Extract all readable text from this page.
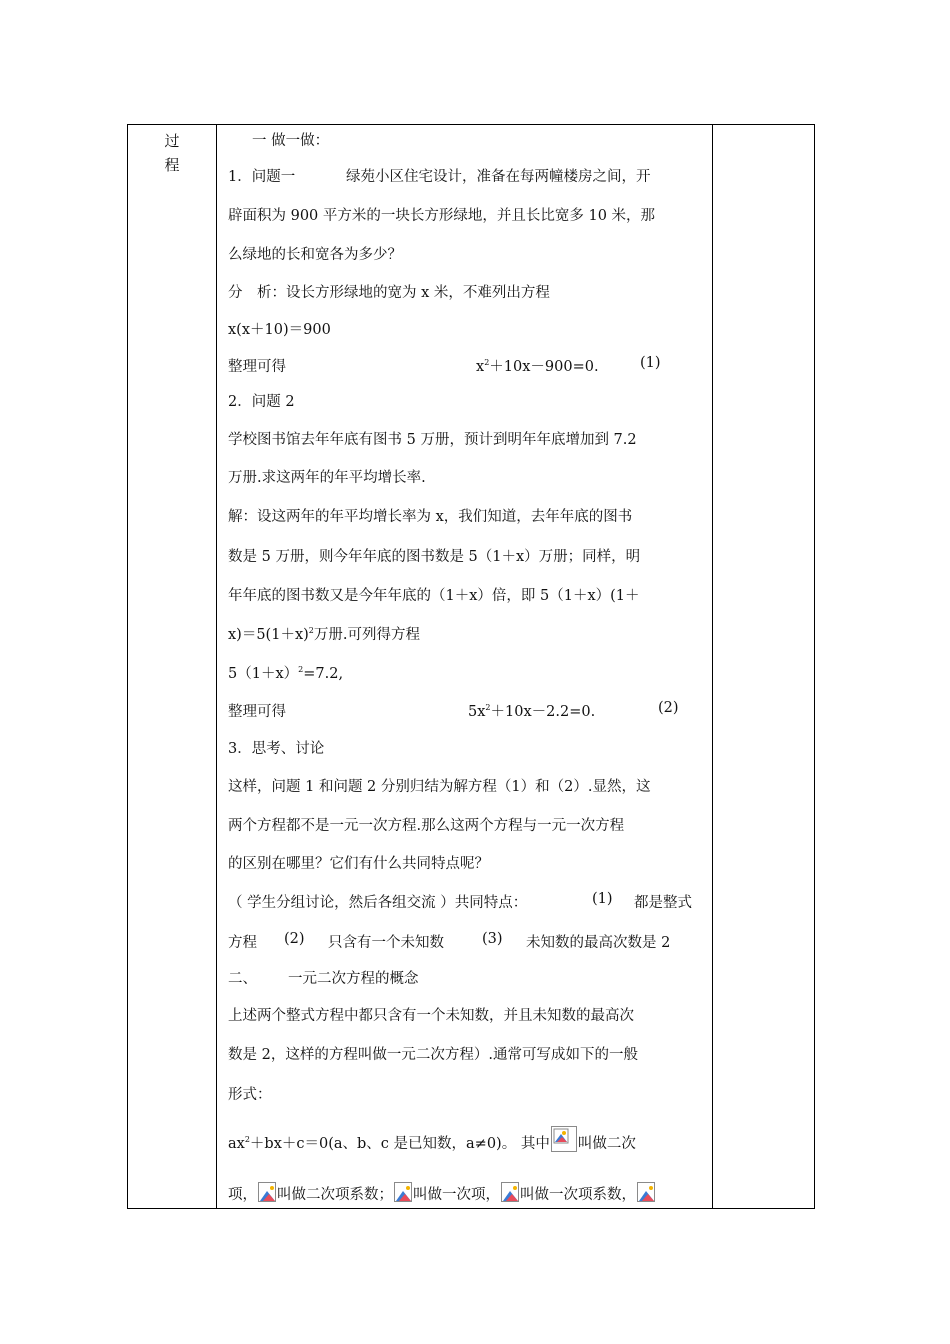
过
程
一 做一做：
1．问题一	绿苑小区住宅设计，准备在每两幢楼房之间，开
辟面积为 900 平方米的一块长方形绿地，并且长比宽多 10 米，那
么绿地的长和宽各为多少？
分　析：设长方形绿地的宽为 x 米，不难列出方程
x(x＋10)＝900
整理可得	$x^2+10x-900=0$.	(1)
2．问题 2
学校图书馆去年年底有图书 5 万册，预计到明年年底增加到 7.2
万册.求这两年的年平均增长率.
解：设这两年的年平均增长率为 x，我们知道，去年年底的图书
数是 5 万册，则今年年底的图书数是 5（1＋x）万册；同样，明
年年底的图书数又是今年年底的（1＋x）倍，即 5（1＋x）(1＋
$x)=5(1+x)^2$万册.可列得方程
$5(1+x)^2=7.2$,
整理可得	$5x^2+10x-2.2=0$.	(2)
3．思考、讨论
这样，问题 1 和问题 2 分别归结为解方程（1）和（2）.显然，这
两个方程都不是一元一次方程.那么这两个方程与一元一次方程
的区别在哪里？它们有什么共同特点呢？
（ 学生分组讨论，然后各组交流 ）共同特点：	(1) 都是整式
方程 (2) 只含有一个未知数	(3) 未知数的最高次数是 2
二、 一元二次方程的概念
上述两个整式方程中都只含有一个未知数，并且未知数的最高次
数是 2，这样的方程叫做一元二次方程）.通常可写成如下的一般
形式：
$ax^2+bx+c=0(a$、b、c 是已知数，a≠0)。 其中 叫做二次
项， 叫做二次项系数； 叫做一次项， 叫做一次项系数，
